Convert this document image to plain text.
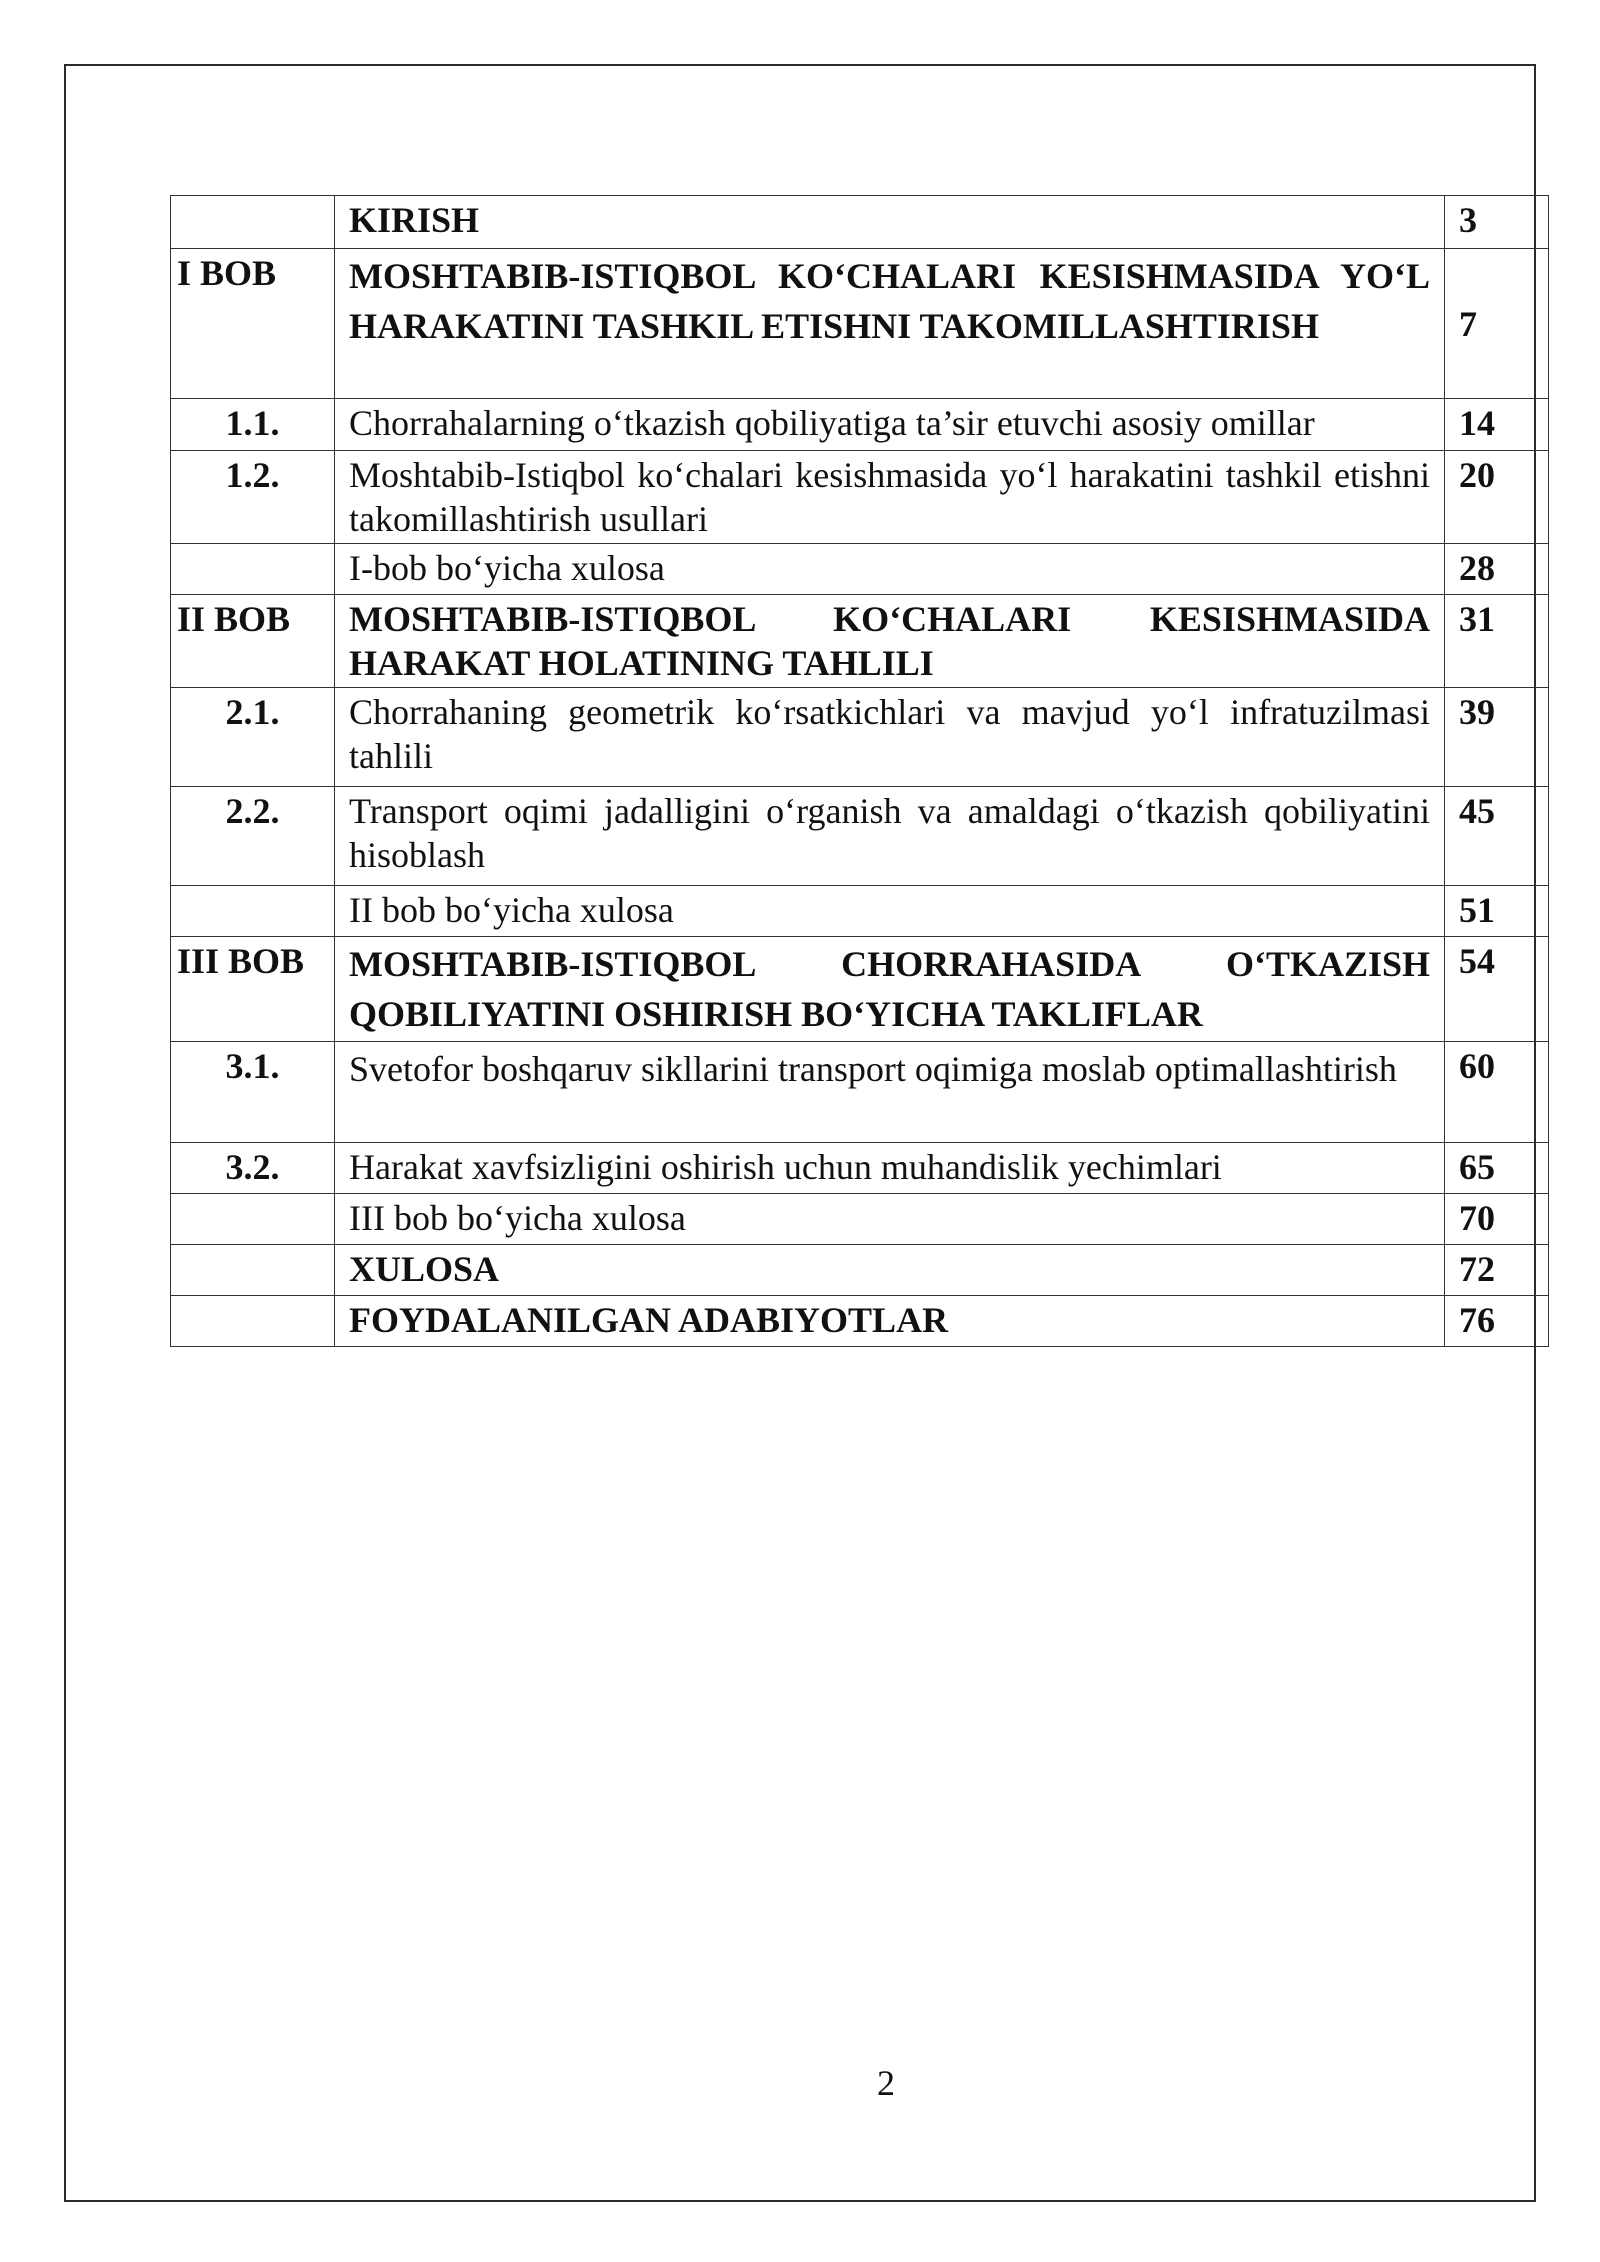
	KIRISH	3
I BOB	MOSHTABIB-ISTIQBOL KO‘CHALARI KESISHMASIDA YO‘L HARAKATINI TASHKIL ETISHNI TAKOMILLASHTIRISH	7
1.1.	Chorrahalarning o‘tkazish qobiliyatiga ta’sir etuvchi asosiy omillar	14
1.2.	Moshtabib-Istiqbol ko‘chalari kesishmasida yo‘l harakatini tashkil etishni takomillashtirish usullari	20
	I-bob bo‘yicha xulosa	28
II BOB	MOSHTABIB-ISTIQBOL KO‘CHALARI KESISHMASIDA HARAKAT HOLATINING TAHLILI	31
2.1.	Chorrahaning geometrik ko‘rsatkichlari va mavjud yo‘l infratuzilmasi tahlili	39
2.2.	Transport oqimi jadalligini o‘rganish va amaldagi o‘tkazish qobiliyatini hisoblash	45
	II bob bo‘yicha xulosa	51
III BOB	MOSHTABIB-ISTIQBOL CHORRAHASIDA O‘TKAZISH QOBILIYATINI OSHIRISH BO‘YICHA TAKLIFLAR	54
3.1.	Svetofor boshqaruv sikllarini transport oqimiga moslab optimallashtirish	60
3.2.	Harakat xavfsizligini oshirish uchun muhandislik yechimlari	65
	III bob bo‘yicha xulosa	70
	XULOSA	72
	FOYDALANILGAN ADABIYOTLAR	76
2
